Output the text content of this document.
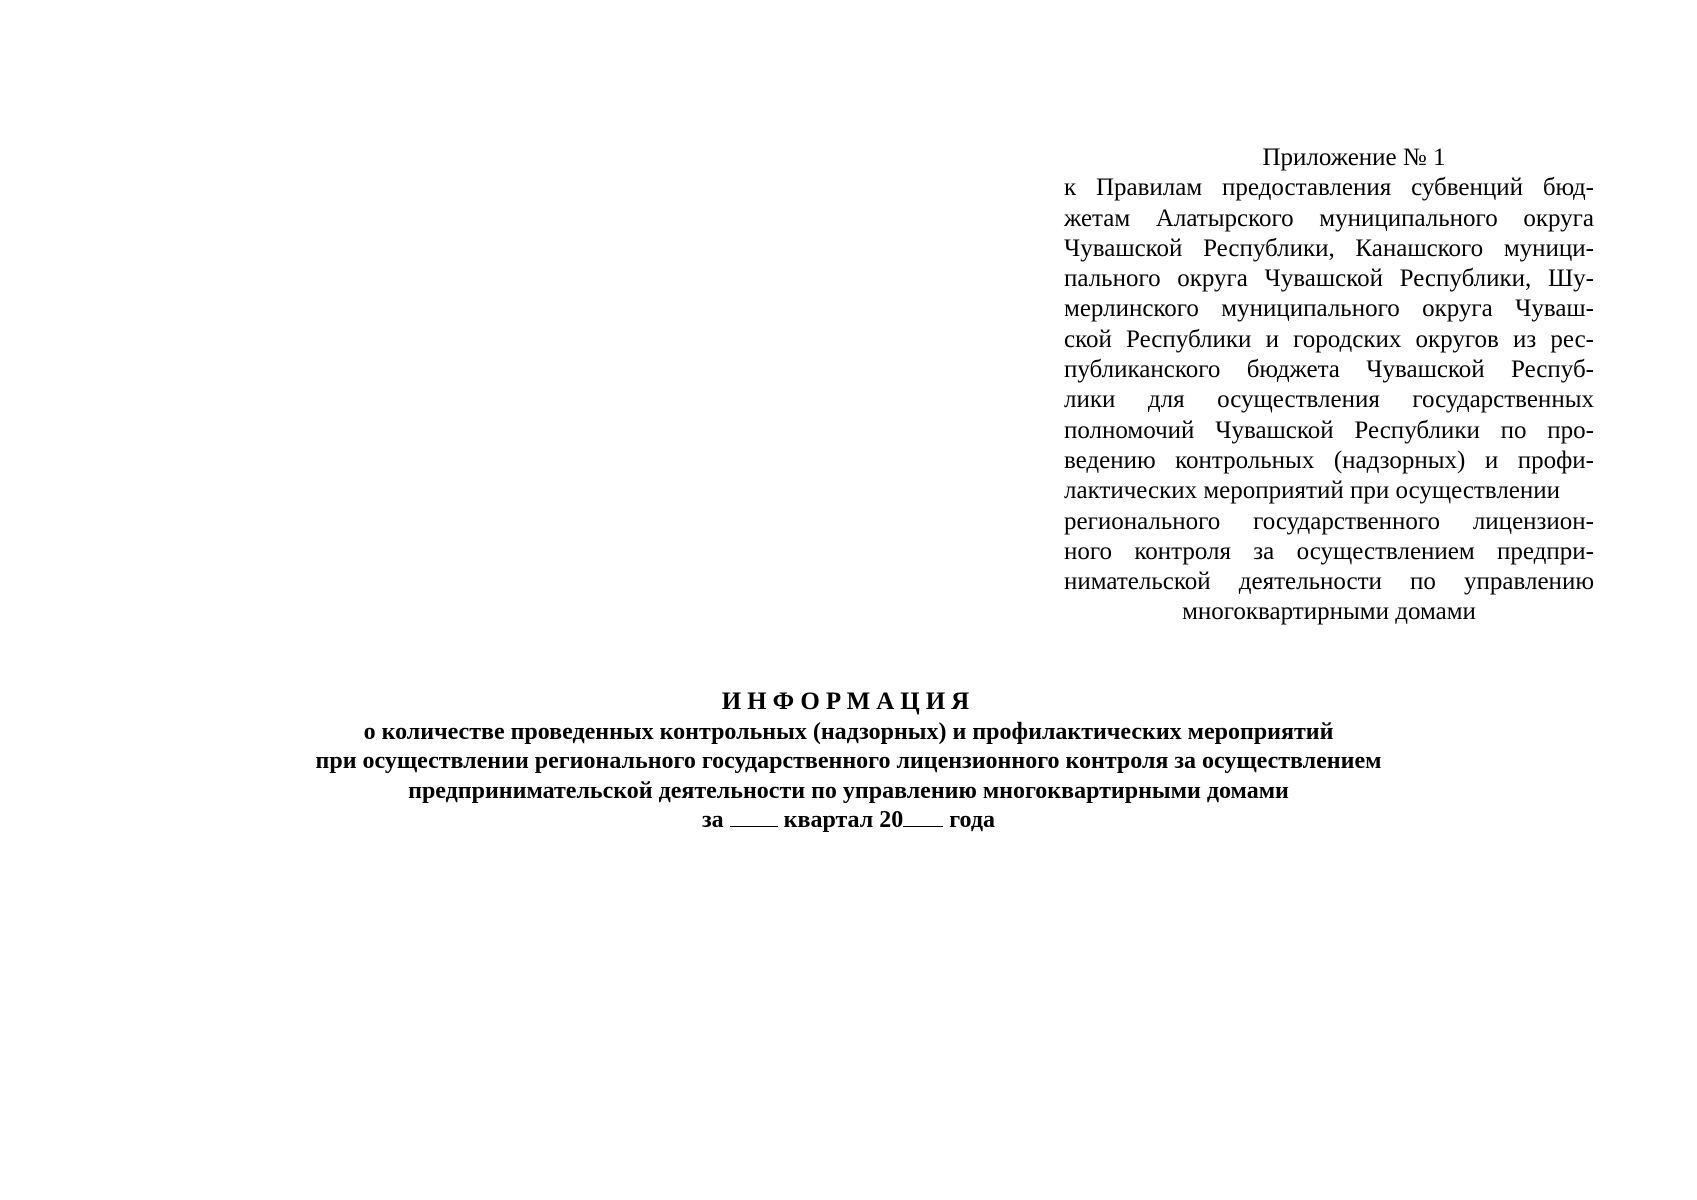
Приложение № 1
к Правилам предоставления субвенций бюд-
жетам Алатырского муниципального округа
Чувашской Республики, Канашского муници-
пального округа Чувашской Республики, Шу-
мерлинского муниципального округа Чуваш-
ской Республики и городских округов из рес-
публиканского бюджета Чувашской Респуб-
лики для осуществления государственных
полномочий Чувашской Республики по про-
ведению контрольных (надзорных) и профи-
лактических мероприятий при осуществлении
регионального государственного лицензион-
ного контроля за осуществлением предпри-
нимательской деятельности по управлению
многоквартирными домами
ИНФОРМАЦИЯ
о количестве проведенных контрольных (надзорных) и профилактических мероприятий
при осуществлении регионального государственного лицензионного контроля за осуществлением
предпринимательской деятельности по управлению многоквартирными домами
за	квартал 20 года
